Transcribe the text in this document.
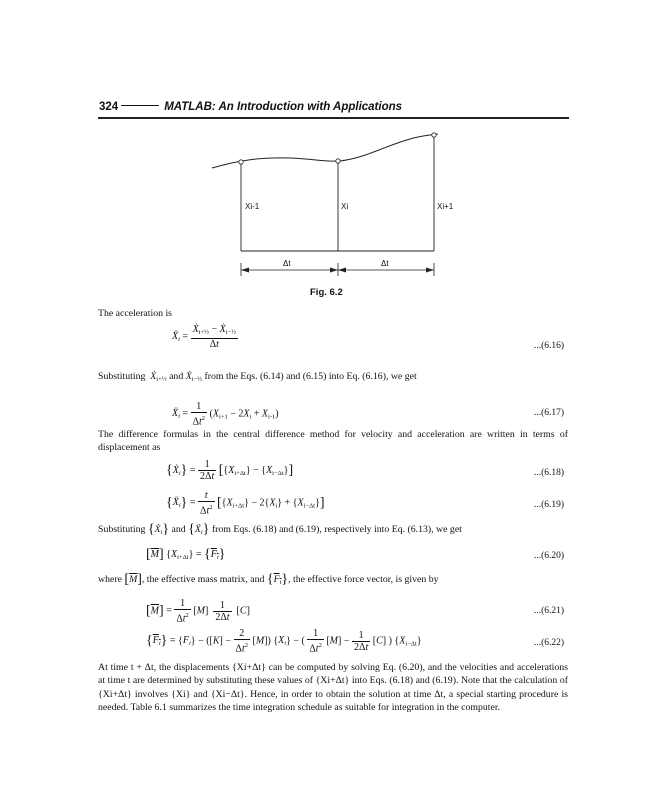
324	MATLAB: An Introduction with Applications
Xi-1	Xi	Xi+1
Δt	Δt
Fig. 6.2
The acceleration is
Ẍ$_i$ = $\frac{Ẋ_{i+\frac{1}{2}} - Ẋ_{i-\frac{1}{2}}}{\Delta t}$	...(6.16)
Substituting  Ẋ$_{i+\frac{1}{2}}$ and Ẋ$_{i-\frac{1}{2}}$ from the Eqs. (6.14) and (6.15) into Eq. (6.16), we get
Ẍ$_i$ = $\frac{1}{\Delta t^2} (X_{i+1} - 2X_i + X_{i-1})$	...(6.17)
The difference formulas in the central difference method for velocity and acceleration are written in terms of displacement as
{Ẋ$_i$} = $\frac{1}{2\Delta t} [\{X_{i+\Delta t}\} - \{X_{i-\Delta t}\}]$	...(6.18)
{Ẍ$_i$} = $\frac{t}{\Delta t^2} [\{X_{i+\Delta t}\} - 2\{X_i\} + \{X_{i-\Delta t}\}]$	...(6.19)
Substituting {Ẋ$_i$} and {Ẍ$_i$} from Eqs. (6.18) and (6.19), respectively into Eq. (6.13), we get
$[\overline{M}] \{X_{i+\Delta t}\} = \{F_i\}$	...(6.20)
where $[\overline{M}]$, the effective mass matrix, and $\{F_i\}$, the effective force vector, is given by
$[\overline{M}] = \frac{1}{\Delta t^2} [M] \frac{1}{2\Delta t} [C]$	...(6.21)
$\{F_i\} = \{F_i\} - ([K] - \frac{2}{\Delta t^2} [M]) \{X_i\}$ − ( $\frac{1}{\Delta t^2} [M] - \frac{1}{2\Delta t} [C]$ ) $\{X_{i-\Delta t}\}$	...(6.22)
At time t + Δt, the displacements {Xi+Δt} can be computed by solving Eq. (6.20), and the velocities and accelerations at time t are determined by substituting these values of {Xi+Δt} into Eqs. (6.18) and (6.19). Note that the calculation of {Xi+Δt} involves {Xi} and {Xi−Δt}. Hence, in order to obtain the solution at time Δt, a special starting procedure is needed. Table 6.1 summarizes the time integration schedule as suitable for integration in the computer.
